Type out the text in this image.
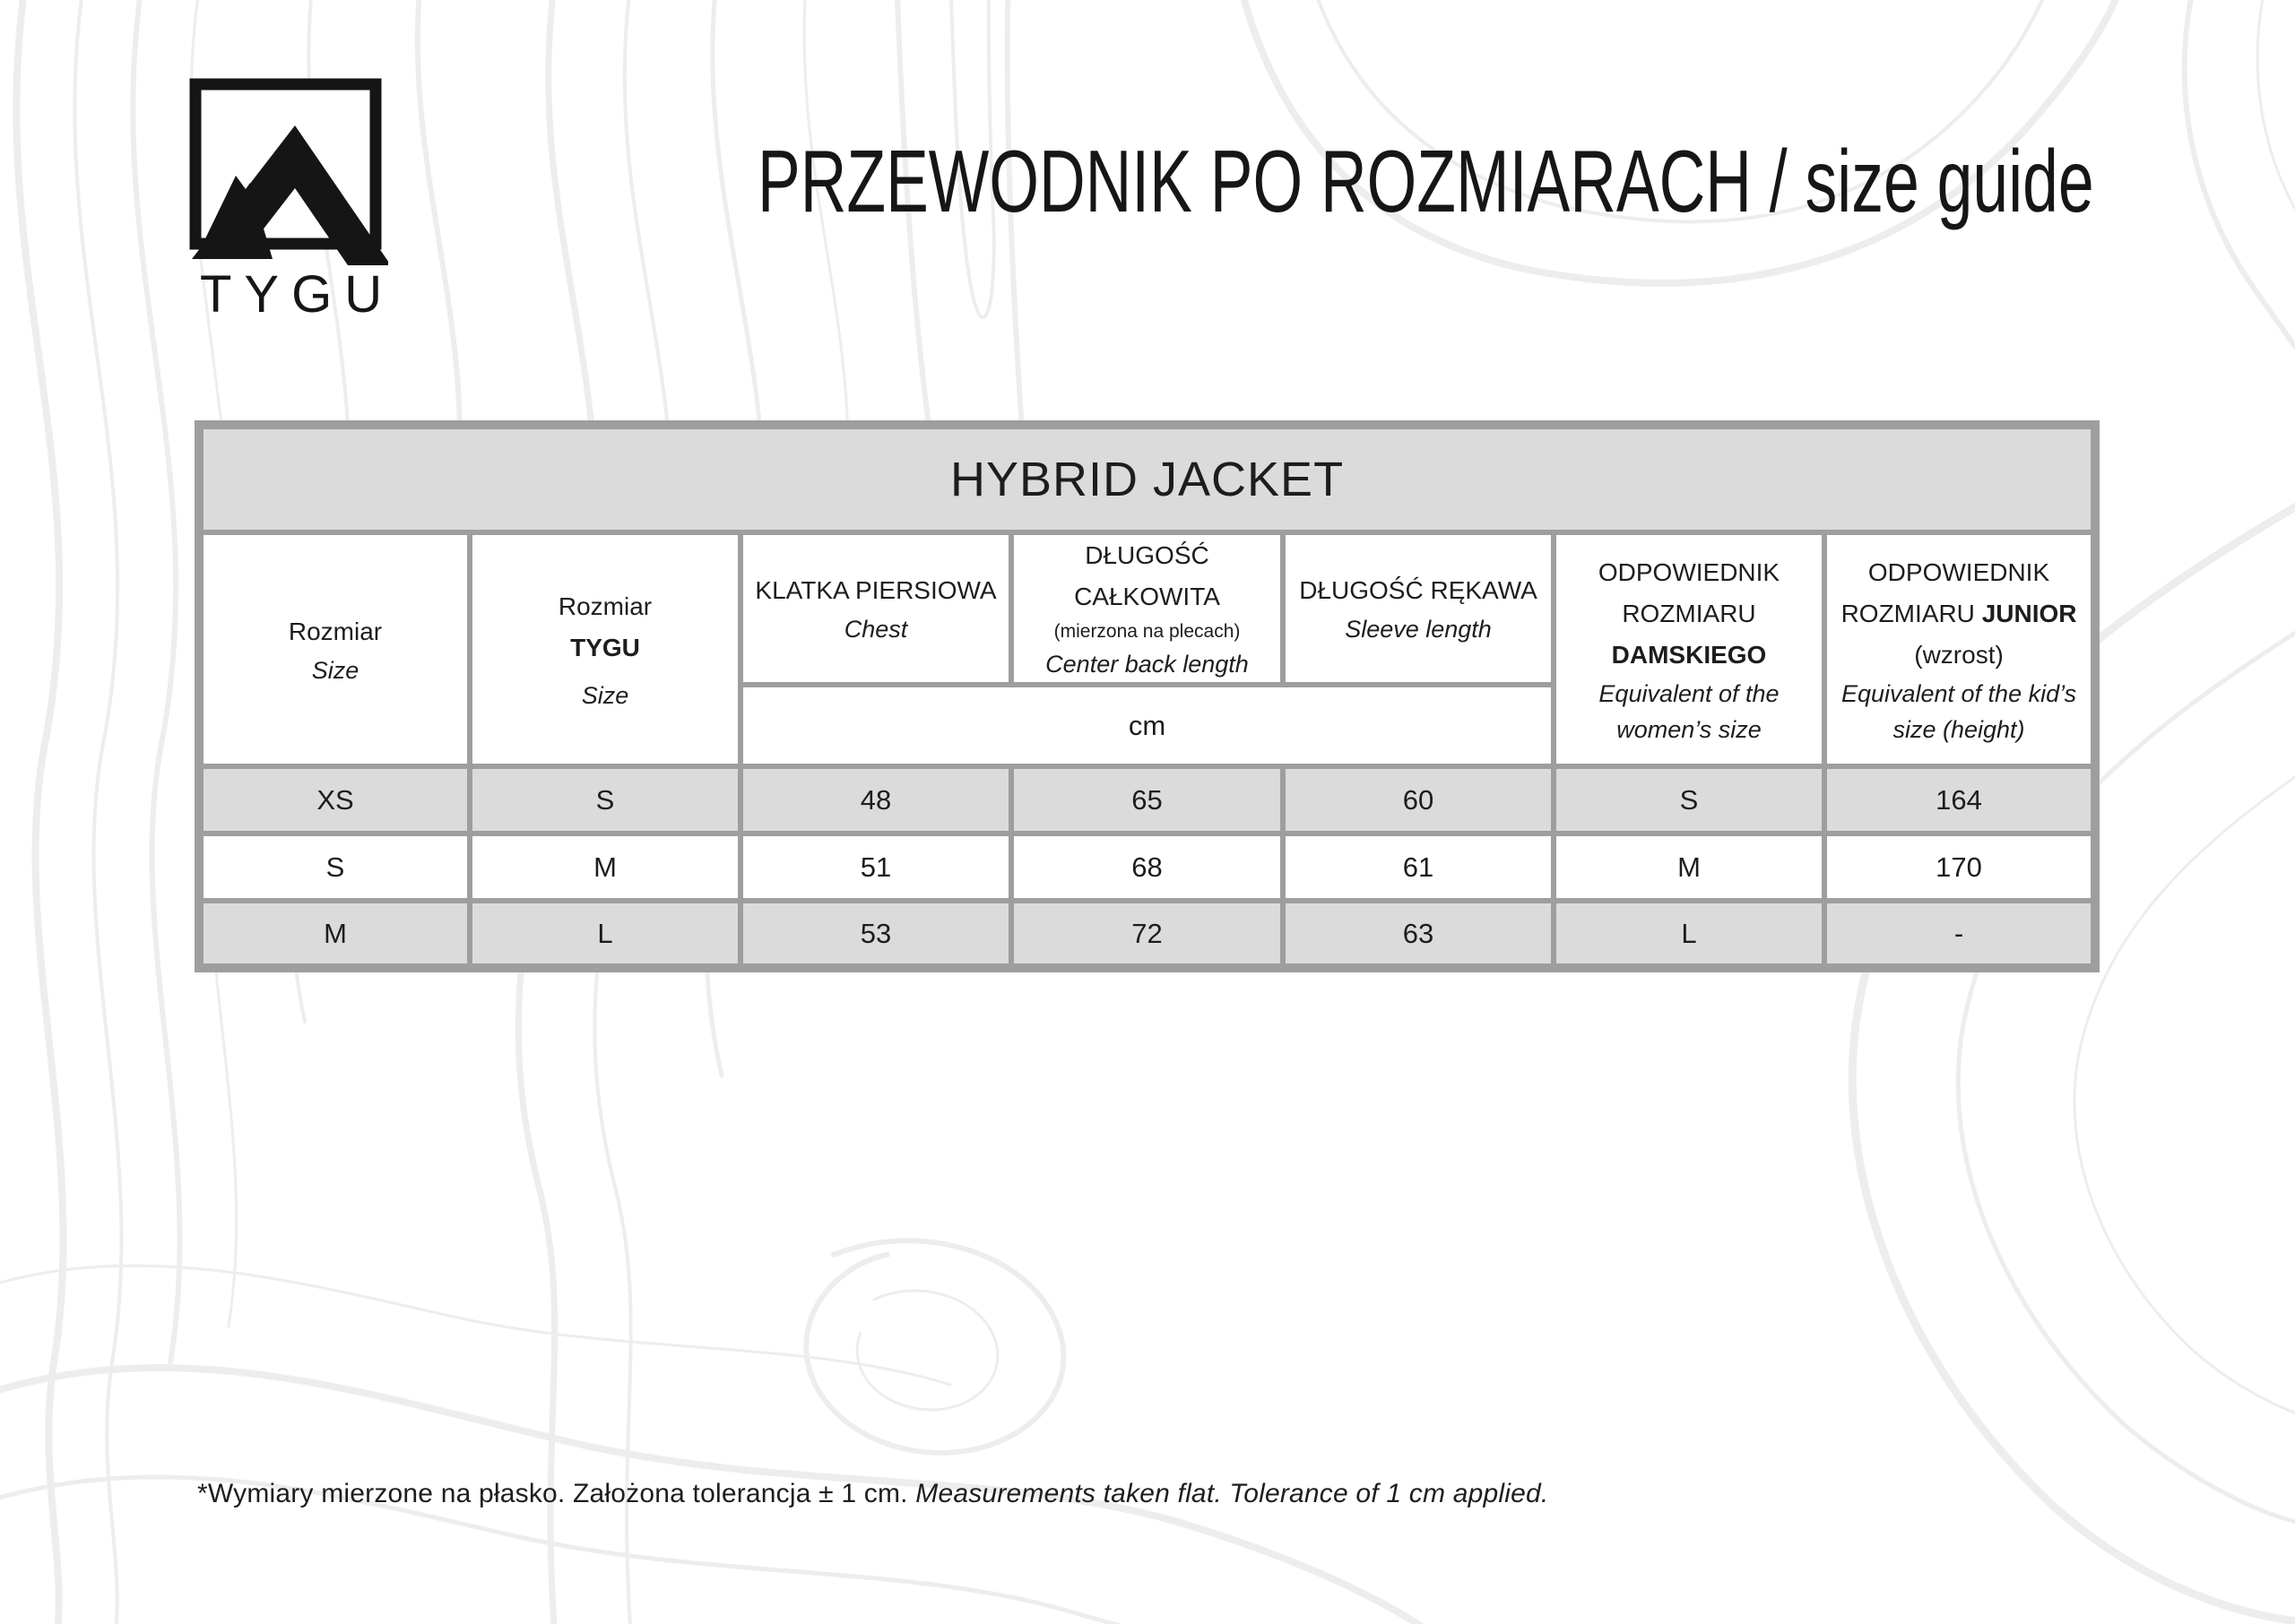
TYGU
PRZEWODNIK PO ROZMIARACH / size guide
HYBRID JACKET						

Rozmiar
Size

Rozmiar
TYGU
Size

KLATKA PIERSIOWA
Chest

DŁUGOŚĆ CAŁKOWITA
(mierzona na plecach)
Center back length

DŁUGOŚĆ RĘKAWA
Sleeve length

ODPOWIEDNIK
ROZMIARU DAMSKIEGO
Equivalent of the women’s size

ODPOWIEDNIK
ROZMIARU JUNIOR
(wzrost)
Equivalent of the kid’s size (height)

		cm				
XS	S	48	65	60	S	164
S	M	51	68	61	M	170
M	L	53	72	63	L	-

*Wymiary mierzone na płasko. Założona tolerancja ± 1 cm. Measurements taken flat. Tolerance of 1 cm applied.
